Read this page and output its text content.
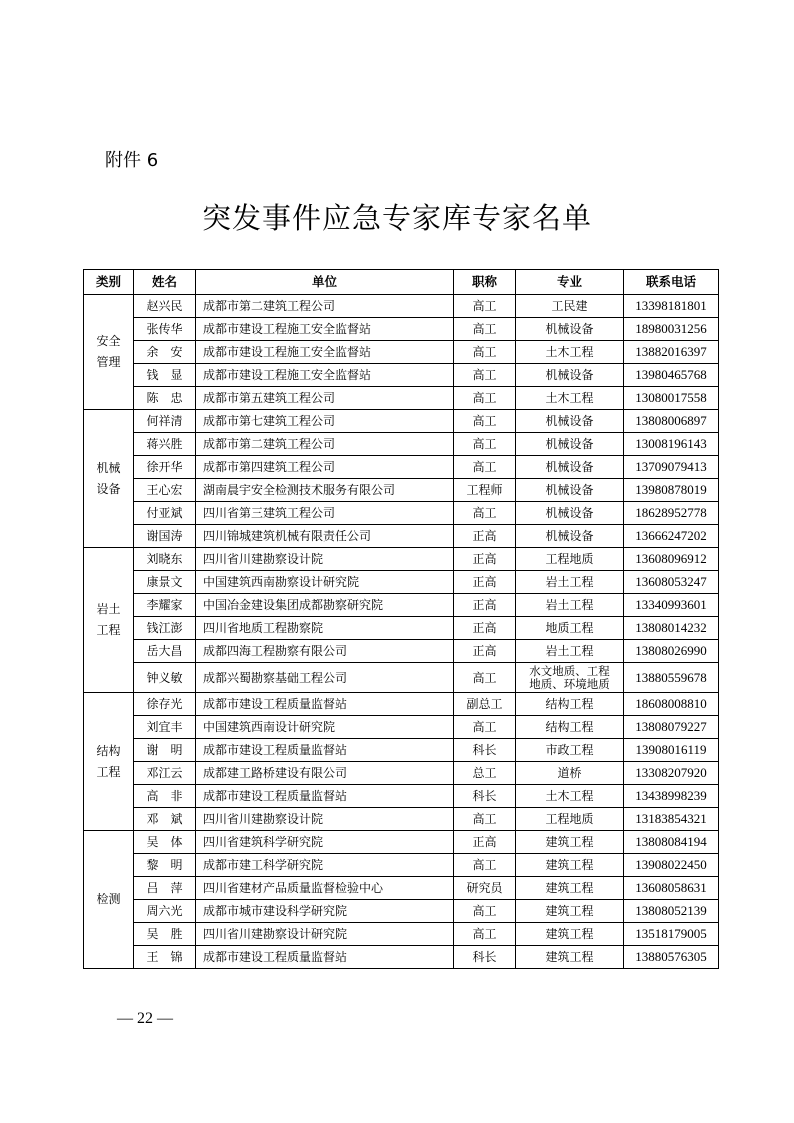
附件 6
突发事件应急专家库专家名单
类别	姓名	单位	职称	专业	联系电话

安全
管理	赵兴民	成都市第二建筑工程公司	高工	工民建	13398181801
	张传华	成都市建设工程施工安全监督站	高工	机械设备	18980031256
	余　安	成都市建设工程施工安全监督站	高工	土木工程	13882016397
	钱　显	成都市建设工程施工安全监督站	高工	机械设备	13980465768
	陈　忠	成都市第五建筑工程公司	高工	土木工程	13080017558

机械
设备	何祥清	成都市第七建筑工程公司	高工	机械设备	13808006897
	蒋兴胜	成都市第二建筑工程公司	高工	机械设备	13008196143
	徐开华	成都市第四建筑工程公司	高工	机械设备	13709079413
	王心宏	湖南晨宇安全检测技术服务有限公司	工程师	机械设备	13980878019
	付亚斌	四川省第三建筑工程公司	高工	机械设备	18628952778
	谢国涛	四川锦城建筑机械有限责任公司	正高	机械设备	13666247202

岩土
工程	刘晓东	四川省川建勘察设计院	正高	工程地质	13608096912
	康景文	中国建筑西南勘察设计研究院	正高	岩土工程	13608053247
	李耀家	中国冶金建设集团成都勘察研究院	正高	岩土工程	13340993601
	钱江澎	四川省地质工程勘察院	正高	地质工程	13808014232
	岳大昌	成都四海工程勘察有限公司	正高	岩土工程	13808026990
	钟义敏	成都兴蜀勘察基础工程公司	高工	水文地质、工程
地质、环境地质	13880559678

结构
工程	徐存光	成都市建设工程质量监督站	副总工	结构工程	18608008810
	刘宜丰	中国建筑西南设计研究院	高工	结构工程	13808079227
	谢　明	成都市建设工程质量监督站	科长	市政工程	13908016119
	邓江云	成都建工路桥建设有限公司	总工	道桥	13308207920
	高　非	成都市建设工程质量监督站	科长	土木工程	13438998239
	邓　斌	四川省川建勘察设计院	高工	工程地质	13183854321

检测	吴　体	四川省建筑科学研究院	正高	建筑工程	13808084194
	黎　明	成都市建工科学研究院	高工	建筑工程	13908022450
	吕　萍	四川省建材产品质量监督检验中心	研究员	建筑工程	13608058631
	周六光	成都市城市建设科学研究院	高工	建筑工程	13808052139
	吴　胜	四川省川建勘察设计研究院	高工	建筑工程	13518179005
	王　锦	成都市建设工程质量监督站	科长	建筑工程	13880576305
— 22 —
